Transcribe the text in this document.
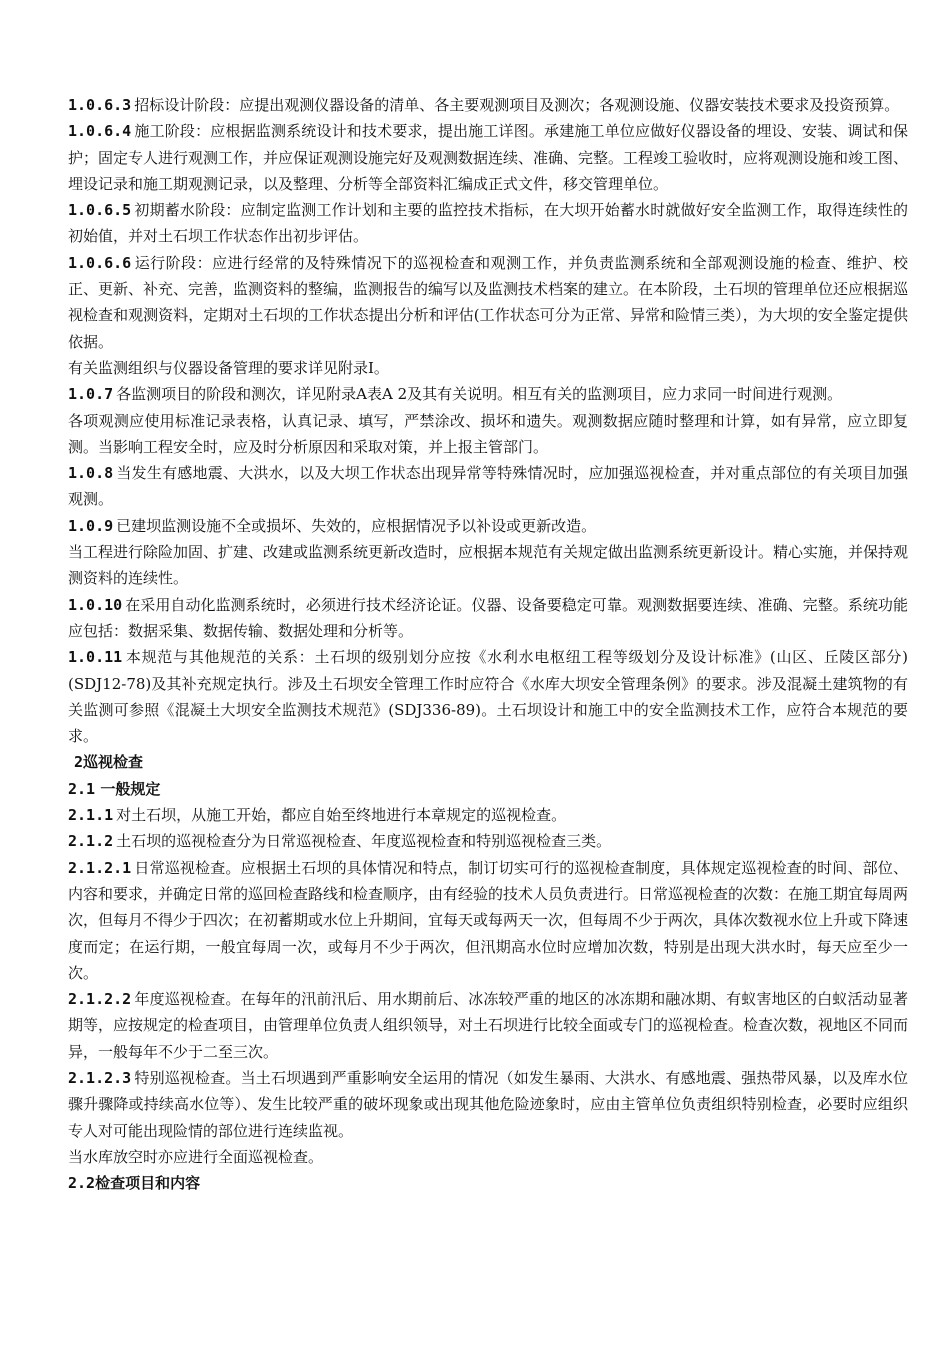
1.0.6.3 招标设计阶段：应提出观测仪器设备的清单、各主要观测项目及测次；各观测设施、仪器安装技术要求及投资预算。

1.0.6.4 施工阶段：应根据监测系统设计和技术要求，提出施工详图。承建施工单位应做好仪器设备的埋设、安装、调试和保护；固定专人进行观测工作，并应保证观测设施完好及观测数据连续、准确、完整。工程竣工验收时，应将观测设施和竣工图、埋设记录和施工期观测记录，以及整理、分析等全部资料汇编成正式文件，移交管理单位。

1.0.6.5 初期蓄水阶段：应制定监测工作计划和主要的监控技术指标，在大坝开始蓄水时就做好安全监测工作，取得连续性的初始值，并对土石坝工作状态作出初步评估。

1.0.6.6 运行阶段：应进行经常的及特殊情况下的巡视检查和观测工作，并负责监测系统和全部观测设施的检查、维护、校正、更新、补充、完善，监测资料的整编，监测报告的编写以及监测技术档案的建立。在本阶段，土石坝的管理单位还应根据巡视检查和观测资料，定期对土石坝的工作状态提出分析和评估(工作状态可分为正常、异常和险情三类），为大坝的安全鉴定提供依据。

有关监测组织与仪器设备管理的要求详见附录Ⅰ。

1.0.7 各监测项目的阶段和测次，详见附录A表A 2及其有关说明。相互有关的监测项目，应力求同一时间进行观测。

各项观测应使用标准记录表格，认真记录、填写，严禁涂改、损坏和遗失。观测数据应随时整理和计算，如有异常，应立即复测。当影响工程安全时，应及时分析原因和采取对策，并上报主管部门。

1.0.8 当发生有感地震、大洪水，以及大坝工作状态出现异常等特殊情况时，应加强巡视检查，并对重点部位的有关项目加强观测。

1.0.9 已建坝监测设施不全或损坏、失效的，应根据情况予以补设或更新改造。

当工程进行除险加固、扩建、改建或监测系统更新改造时，应根据本规范有关规定做出监测系统更新设计。精心实施，并保持观测资料的连续性。

1.0.10 在采用自动化监测系统时，必须进行技术经济论证。仪器、设备要稳定可靠。观测数据要连续、准确、完整。系统功能应包括：数据采集、数据传输、数据处理和分析等。

1.0.11 本规范与其他规范的关系：土石坝的级别划分应按《水利水电枢纽工程等级划分及设计标准》(山区、丘陵区部分)(SDJ12-78)及其补充规定执行。涉及土石坝安全管理工作时应符合《水库大坝安全管理条例》的要求。涉及混凝土建筑物的有关监测可参照《混凝土大坝安全监测技术规范》(SDJ336-89)。土石坝设计和施工中的安全监测技术工作，应符合本规范的要求。

2巡视检查

2.1 一般规定

2.1.1 对土石坝，从施工开始，都应自始至终地进行本章规定的巡视检查。

2.1.2 土石坝的巡视检查分为日常巡视检查、年度巡视检查和特别巡视检查三类。

2.1.2.1 日常巡视检查。应根据土石坝的具体情况和特点，制订切实可行的巡视检查制度，具体规定巡视检查的时间、部位、内容和要求，并确定日常的巡回检查路线和检查顺序，由有经验的技术人员负责进行。日常巡视检查的次数：在施工期宜每周两次，但每月不得少于四次；在初蓄期或水位上升期间，宜每天或每两天一次，但每周不少于两次，具体次数视水位上升或下降速度而定；在运行期，一般宜每周一次，或每月不少于两次，但汛期高水位时应增加次数，特别是出现大洪水时，每天应至少一次。

2.1.2.2 年度巡视检查。在每年的汛前汛后、用水期前后、冰冻较严重的地区的冰冻期和融冰期、有蚁害地区的白蚁活动显著期等，应按规定的检查项目，由管理单位负责人组织领导，对土石坝进行比较全面或专门的巡视检查。检查次数，视地区不同而异，一般每年不少于二至三次。

2.1.2.3 特别巡视检查。当土石坝遇到严重影响安全运用的情况（如发生暴雨、大洪水、有感地震、强热带风暴，以及库水位骤升骤降或持续高水位等）、发生比较严重的破坏现象或出现其他危险迹象时，应由主管单位负责组织特别检查，必要时应组织专人对可能出现险情的部位进行连续监视。

当水库放空时亦应进行全面巡视检查。

2.2检查项目和内容
